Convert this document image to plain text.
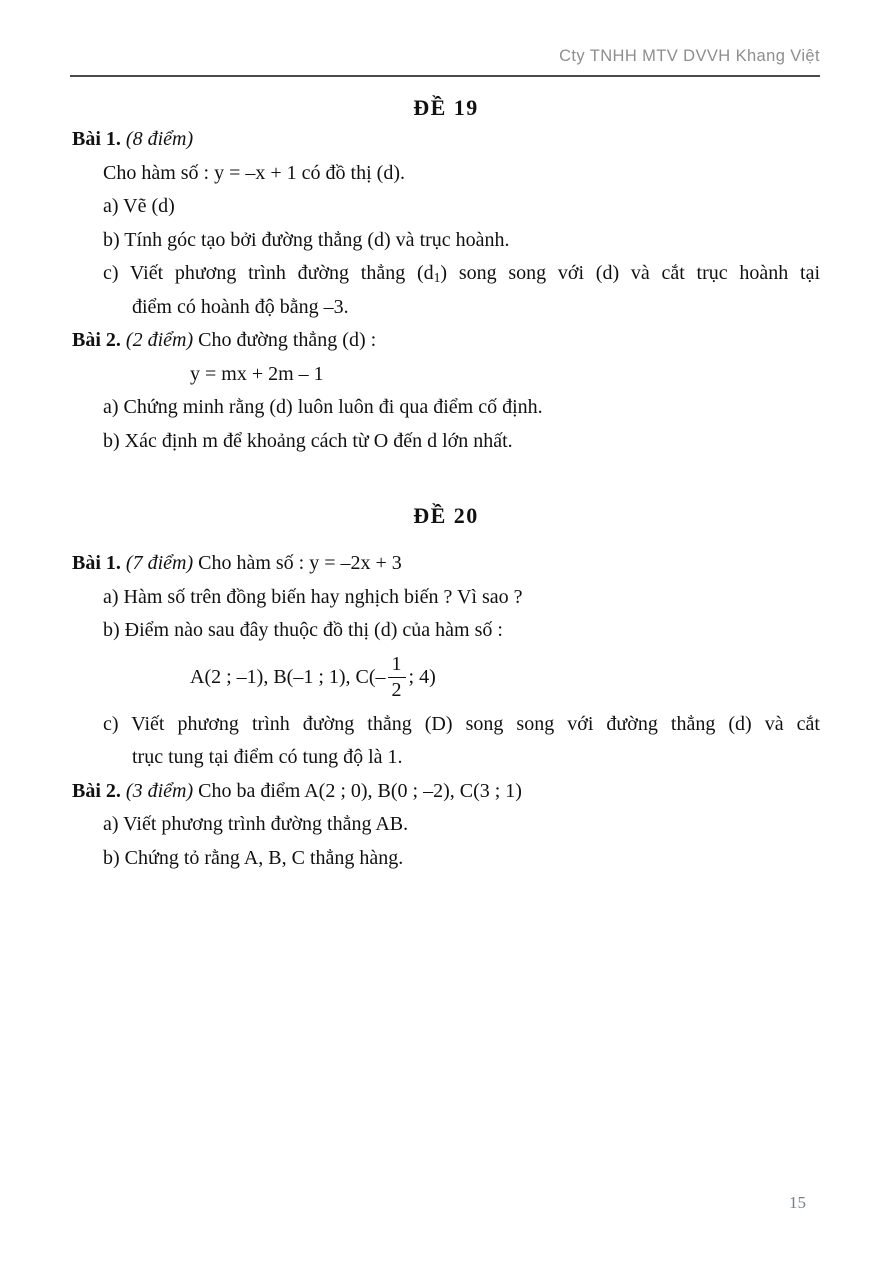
Cty TNHH MTV DVVH Khang Việt
ĐỀ 19
Bài 1. (8 điểm)
Cho hàm số : y = –x + 1 có đồ thị (d).
a) Vẽ (d)
b) Tính góc tạo bởi đường thẳng (d) và trục hoành.
c) Viết phương trình đường thẳng $(d_1)$ song song với (d) và cắt trục hoành tại
điểm có hoành độ bằng –3.
Bài 2. (2 điểm) Cho đường thẳng (d) :
y = mx + 2m – 1
a) Chứng minh rằng (d) luôn luôn đi qua điểm cố định.
b) Xác định m để khoảng cách từ O đến d lớn nhất.
ĐỀ 20
Bài 1. (7 điểm) Cho hàm số : y = –2x + 3
a) Hàm số trên đồng biến hay nghịch biến ? Vì sao ?
b) Điểm nào sau đây thuộc đồ thị (d) của hàm số :
A(2 ; –1), B(–1 ; 1), $C(- \frac{1}{2}$ ; 4)
c) Viết phương trình đường thẳng (D) song song với đường thẳng (d) và cắt
trục tung tại điểm có tung độ là 1.
Bài 2. (3 điểm) Cho ba điểm A(2 ; 0), B(0 ; –2), C(3 ; 1)
a) Viết phương trình đường thẳng AB.
b) Chứng tỏ rằng A, B, C thẳng hàng.
15
